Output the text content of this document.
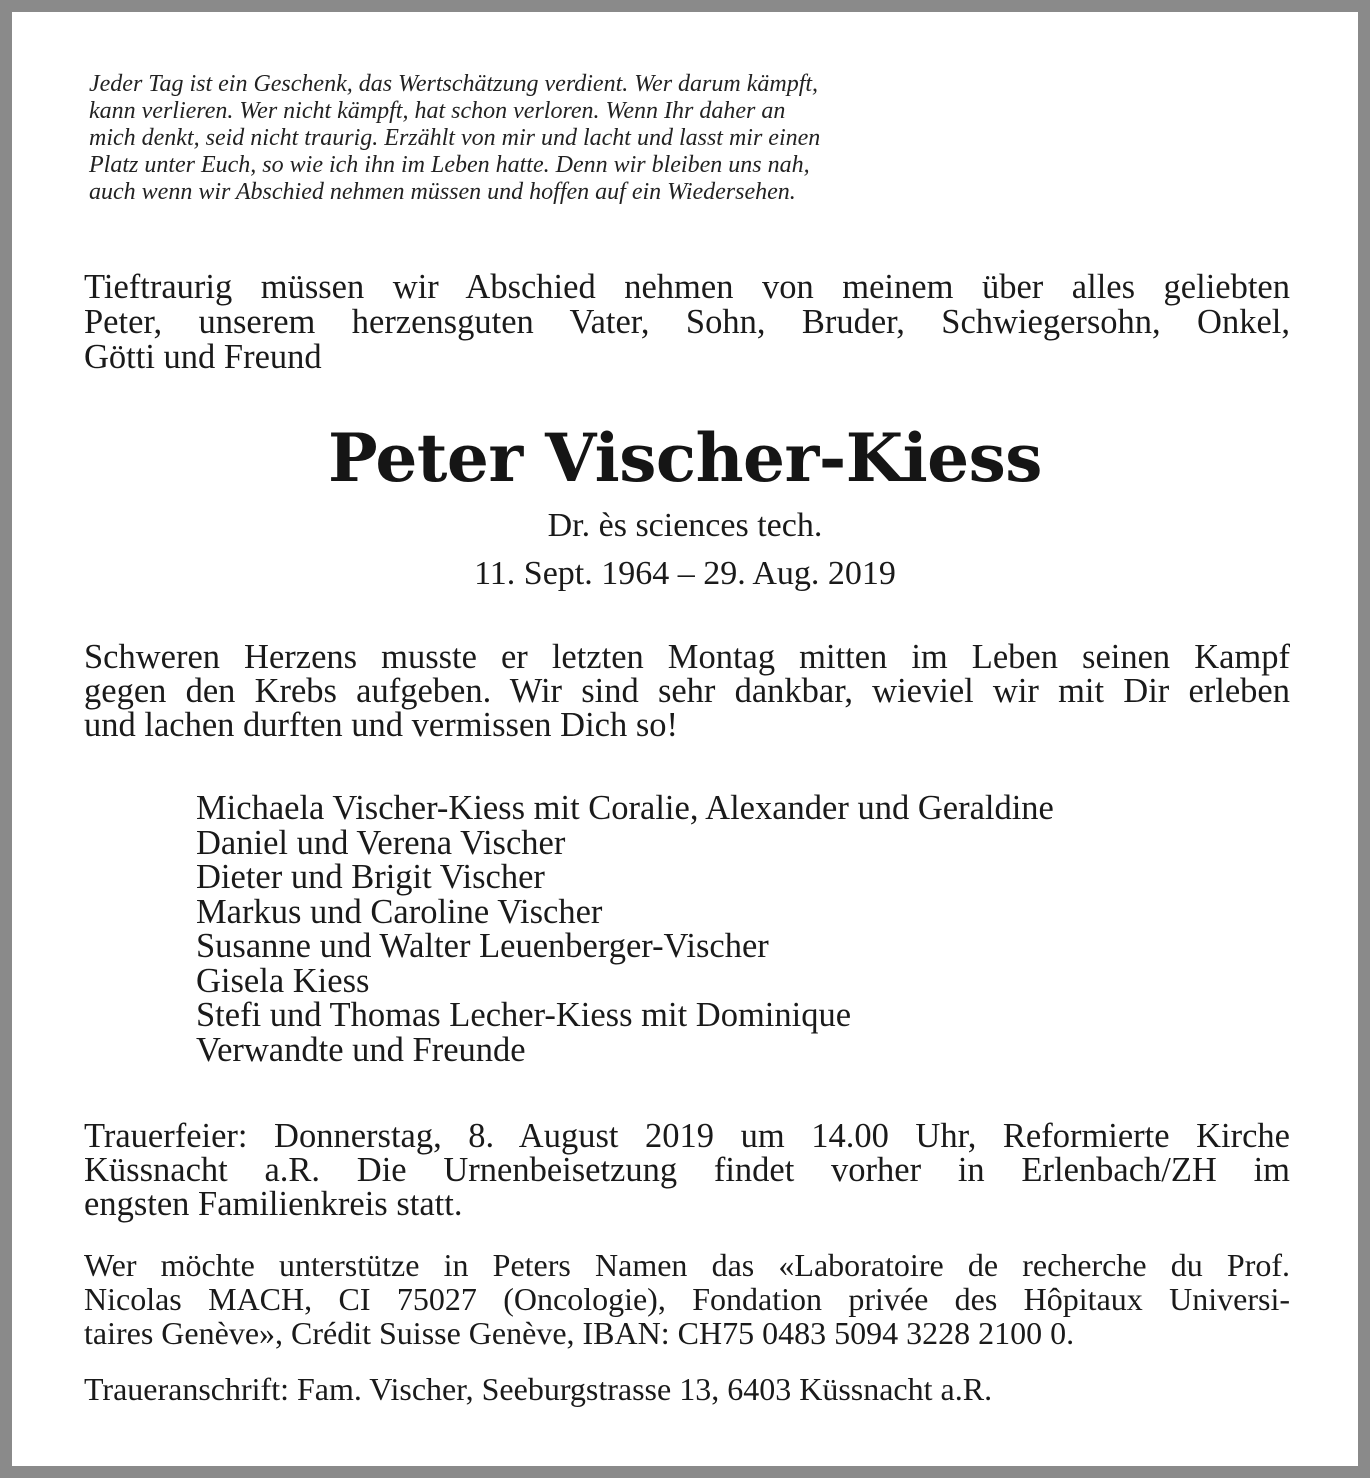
Jeder Tag ist ein Geschenk, das Wertschätzung verdient. Wer darum kämpft,

kann verlieren. Wer nicht kämpft, hat schon verloren. Wenn Ihr daher an

mich denkt, seid nicht traurig. Erzählt von mir und lacht und lasst mir einen

Platz unter Euch, so wie ich ihn im Leben hatte. Denn wir bleiben uns nah,

auch wenn wir Abschied nehmen müssen und hoffen auf ein Wiedersehen.

Tieftraurig müssen wir Abschied nehmen von meinem über alles geliebten

Peter, unserem herzensguten Vater, Sohn, Bruder, Schwiegersohn, Onkel,

Götti und Freund

Peter Vischer-Kiess

Dr. ès sciences tech.

11. Sept. 1964 – 29. Aug. 2019

Schweren Herzens musste er letzten Montag mitten im Leben seinen Kampf

gegen den Krebs aufgeben. Wir sind sehr dankbar, wieviel wir mit Dir erleben

und lachen durften und vermissen Dich so!

Michaela Vischer-Kiess mit Coralie, Alexander und Geraldine

Daniel und Verena Vischer

Dieter und Brigit Vischer

Markus und Caroline Vischer

Susanne und Walter Leuenberger-Vischer

Gisela Kiess

Stefi und Thomas Lecher-Kiess mit Dominique

Verwandte und Freunde

Trauerfeier: Donnerstag, 8. August 2019 um 14.00 Uhr, Reformierte Kirche

Küssnacht a.R. Die Urnenbeisetzung findet vorher in Erlenbach/ZH im

engsten Familienkreis statt.

Wer möchte unterstütze in Peters Namen das «Laboratoire de recherche du Prof.

Nicolas MACH, CI 75027 (Oncologie), Fondation privée des Hôpitaux Universi-

taires Genève», Crédit Suisse Genève, IBAN: CH75 0483 5094 3228 2100 0.

Traueranschrift: Fam. Vischer, Seeburgstrasse 13, 6403 Küssnacht a.R.
